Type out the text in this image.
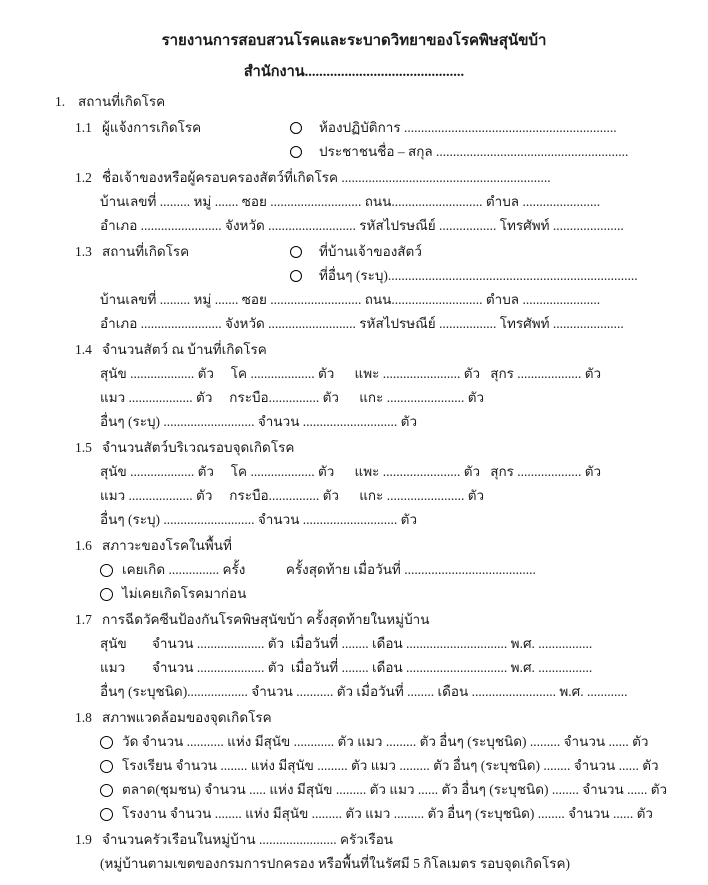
รายงานการสอบสวนโรคและระบาดวิทยาของโรคพิษสุนัขบ้า
สำนักงาน............................................
1. สถานที่เกิดโรค
1.1 ผู้แจ้งการเกิดโรค	ห้องปฏิบัติการ ...............................................................
ประชาชนชื่อ – สกุล .........................................................
1.2 ชื่อเจ้าของหรือผู้ครอบครองสัตว์ที่เกิดโรค ..............................................................
บ้านเลขที่ ......... หมู่ ....... ซอย ........................... ถนน........................... ตำบล .......................
อำเภอ ........................ จังหวัด .......................... รหัสไปรษณีย์ ................. โทรศัพท์ .....................
1.3 สถานที่เกิดโรค	ที่บ้านเจ้าของสัตว์
ที่อื่นๆ (ระบุ)..........................................................................
บ้านเลขที่ ......... หมู่ ....... ซอย ........................... ถนน........................... ตำบล .......................
อำเภอ ........................ จังหวัด .......................... รหัสไปรษณีย์ ................. โทรศัพท์ .....................
1.4 จำนวนสัตว์ ณ บ้านที่เกิดโรค
สุนัข ................... ตัว     โค ................... ตัว      แพะ ....................... ตัว   สุกร ................... ตัว
แมว ................... ตัว     กระบือ............... ตัว      แกะ ....................... ตัว
อื่นๆ (ระบุ) ........................... จำนวน ............................ ตัว
1.5 จำนวนสัตว์บริเวณรอบจุดเกิดโรค
สุนัข ................... ตัว     โค ................... ตัว      แพะ ....................... ตัว   สุกร ................... ตัว
แมว ................... ตัว     กระบือ............... ตัว      แกะ ....................... ตัว
อื่นๆ (ระบุ) ........................... จำนวน ............................ ตัว
1.6 สภาวะของโรคในพื้นที่
เคยเกิด ............... ครั้ง            ครั้งสุดท้าย เมื่อวันที่ .......................................
ไม่เคยเกิดโรคมาก่อน
1.7 การฉีดวัคซีนป้องกันโรคพิษสุนัขบ้า ครั้งสุดท้ายในหมู่บ้าน
สุนัข	จำนวน .................... ตัว  เมื่อวันที่ ........ เดือน .............................. พ.ศ. ................
แมว	จำนวน .................... ตัว  เมื่อวันที่ ........ เดือน .............................. พ.ศ. ................
อื่นๆ (ระบุชนิด).................. จำนวน ........... ตัว เมื่อวันที่ ........ เดือน ......................... พ.ศ. ............
1.8 สภาพแวดล้อมของจุดเกิดโรค
วัด จำนวน ........... แห่ง มีสุนัข ............ ตัว แมว ......... ตัว อื่นๆ (ระบุชนิด) ......... จำนวน ...... ตัว
โรงเรียน จำนวน ........ แห่ง มีสุนัข ......... ตัว แมว ......... ตัว อื่นๆ (ระบุชนิด) ........ จำนวน ...... ตัว
ตลาด(ชุมชน) จำนวน ..... แห่ง มีสุนัข ......... ตัว แมว ...... ตัว อื่นๆ (ระบุชนิด) ........ จำนวน ...... ตัว
โรงงาน จำนวน ........ แห่ง มีสุนัข ......... ตัว แมว ......... ตัว อื่นๆ (ระบุชนิด) ........ จำนวน ...... ตัว
1.9 จำนวนครัวเรือนในหมู่บ้าน ....................... ครัวเรือน
(หมู่บ้านตามเขตของกรมการปกครอง หรือพื้นที่ในรัศมี 5 กิโลเมตร รอบจุดเกิดโรค)
